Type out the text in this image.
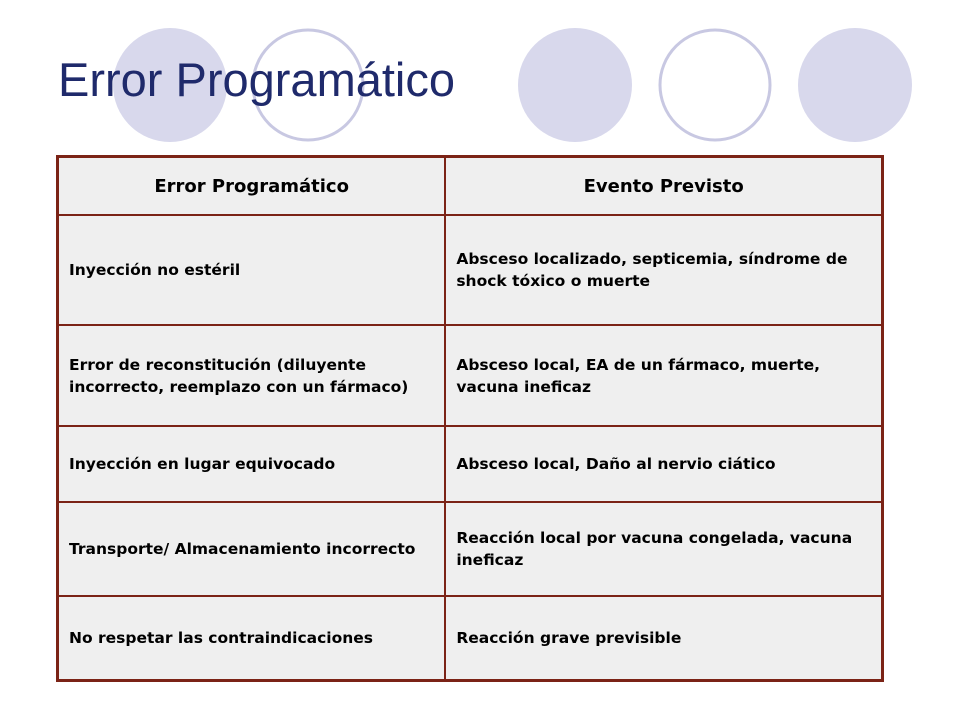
Error Programático
Error Programático	Evento Previsto
Inyección no estéril	Absceso localizado, septicemia, síndrome de shock tóxico o muerte
Error de reconstitución (diluyente incorrecto, reemplazo con un fármaco)	Absceso local, EA de un fármaco, muerte, vacuna ineficaz
Inyección en lugar equivocado	Absceso local, Daño al nervio ciático
Transporte/ Almacenamiento incorrecto	Reacción local por vacuna congelada, vacuna ineficaz
No respetar las contraindicaciones	Reacción grave previsible
